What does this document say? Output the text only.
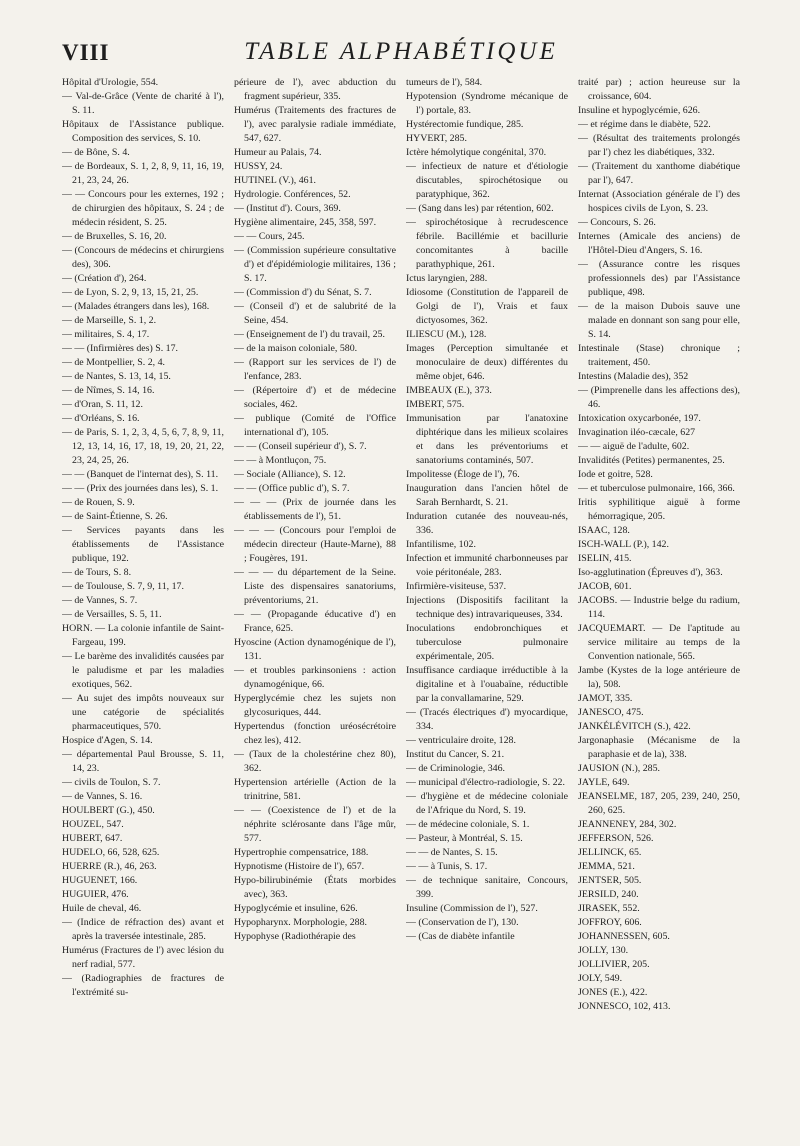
VIII	TABLE ALPHABÉTIQUE

Hôpital d'Urologie, 554.

— Val-de-Grâce (Vente de charité à l'), S. 11.

Hôpitaux de l'Assistance publique. Composition des services, S. 10.

— de Bône, S. 4.

— de Bordeaux, S. 1, 2, 8, 9, 11, 16, 19, 21, 23, 24, 26.

— — Concours pour les externes, 192 ; de chirurgien des hôpitaux, S. 24 ; de médecin résident, S. 25.

— de Bruxelles, S. 16, 20.

— (Concours de médecins et chirurgiens des), 306.

— (Création d'), 264.

— de Lyon, S. 2, 9, 13, 15, 21, 25.

— (Malades étrangers dans les), 168.

— de Marseille, S. 1, 2.

— militaires, S. 4, 17.

— — (Infirmières des) S. 17.

— de Montpellier, S. 2, 4.

— de Nantes, S. 13, 14, 15.

— de Nîmes, S. 14, 16.

— d'Oran, S. 11, 12.

— d'Orléans, S. 16.

— de Paris, S. 1, 2, 3, 4, 5, 6, 7, 8, 9, 11, 12, 13, 14, 16, 17, 18, 19, 20, 21, 22, 23, 24, 25, 26.

— — (Banquet de l'internat des), S. 11.

— — (Prix des journées dans les), S. 1.

— de Rouen, S. 9.

— de Saint-Étienne, S. 26.

— Services payants dans les établissements de l'Assistance publique, 192.

— de Tours, S. 8.

— de Toulouse, S. 7, 9, 11, 17.

— de Vannes, S. 7.

— de Versailles, S. 5, 11.

HORN. — La colonie infantile de Saint-Fargeau, 199.

— Le barème des invalidités causées par le paludisme et par les maladies exotiques, 562.

— Au sujet des impôts nouveaux sur une catégorie de spécialités pharmaceutiques, 570.

Hospice d'Agen, S. 14.

— départemental Paul Brousse, S. 11, 14, 23.

— civils de Toulon, S. 7.

— de Vannes, S. 16.

HOULBERT (G.), 450.

HOUZEL, 547.

HUBERT, 647.

HUDELO, 66, 528, 625.

HUERRE (R.), 46, 263.

HUGUENET, 166.

HUGUIER, 476.

Huile de cheval, 46.

— (Indice de réfraction des) avant et après la traversée intestinale, 285.

Humérus (Fractures de l') avec lésion du nerf radial, 577.

— (Radiographies de fractures de l'extrémité su-

périeure de l'), avec abduction du fragment supérieur, 335.

Humérus (Traitements des fractures de l'), avec paralysie radiale immédiate, 547, 627.

Humeur au Palais, 74.

HUSSY, 24.

HUTINEL (V.), 461.

Hydrologie. Conférences, 52.

— (Institut d'). Cours, 369.

Hygiène alimentaire, 245, 358, 597.

— — Cours, 245.

— (Commission supérieure consultative d') et d'épidémiologie militaires, 136 ; S. 17.

— (Commission d') du Sénat, S. 7.

— (Conseil d') et de salubrité de la Seine, 454.

— (Enseignement de l') du travail, 25.

— de la maison coloniale, 580.

— (Rapport sur les services de l') de l'enfance, 283.

— (Répertoire d') et de médecine sociales, 462.

— publique (Comité de l'Office international d'), 105.

— — (Conseil supérieur d'), S. 7.

— — à Montluçon, 75.

— Sociale (Alliance), S. 12.

— — (Office public d'), S. 7.

— — — (Prix de journée dans les établissements de l'), 51.

— — — (Concours pour l'emploi de médecin directeur (Haute-Marne), 88 ; Fougères, 191.

— — — du département de la Seine. Liste des dispensaires sanatoriums, préventoriums, 21.

— — (Propagande éducative d') en France, 625.

Hyoscine (Action dynamogénique de l'), 131.

— et troubles parkinsoniens : action dynamogénique, 66.

Hyperglycémie chez les sujets non glycosuriques, 444.

Hypertendus (fonction uréosécrétoire chez les), 412.

— (Taux de la cholestérine chez 80), 362.

Hypertension artérielle (Action de la trinitrine, 581.

— — (Coexistence de l') et de la néphrite sclérosante dans l'âge mûr, 577.

Hypertrophie compensatrice, 188.

Hypnotisme (Histoire de l'), 657.

Hypo-bilirubinémie (États morbides avec), 363.

Hypoglycémie et insuline, 626.

Hypopharynx. Morphologie, 288.

Hypophyse (Radiothérapie des

tumeurs de l'), 584.

Hypotension (Syndrome mécanique de l') portale, 83.

Hystérectomie fundique, 285.

HYVERT, 285.

Ictère hémolytique congénital, 370.

— infectieux de nature et d'étiologie discutables, spirochétosique ou paratyphique, 362.

— (Sang dans les) par rétention, 602.

— spirochétosique à recrudescence fébrile. Bacillémie et bacillurie concomitantes à bacille parathyphique, 261.

Ictus laryngien, 288.

Idiosome (Constitution de l'appareil de Golgi de l'), Vrais et faux dictyosomes, 362.

ILIESCU (M.), 128.

Images (Perception simultanée et monoculaire de deux) différentes du même objet, 646.

IMBEAUX (E.), 373.

IMBERT, 575.

Immunisation par l'anatoxine diphtérique dans les milieux scolaires et dans les préventoriums et sanatoriums contaminés, 507.

Impolitesse (Éloge de l'), 76.

Inauguration dans l'ancien hôtel de Sarah Bernhardt, S. 21.

Induration cutanée des nouveau-nés, 336.

Infantilisme, 102.

Infection et immunité charbonneuses par voie péritonéale, 283.

Infirmière-visiteuse, 537.

Injections (Dispositifs facilitant la technique des) intravariqueuses, 334.

Inoculations endobronchiques et tuberculose pulmonaire expérimentale, 205.

Insuffisance cardiaque irréductible à la digitaline et à l'ouabaïne, réductible par la convallamarine, 529.

— (Tracés électriques d') myocardique, 334.

— ventriculaire droite, 128.

Institut du Cancer, S. 21.

— de Criminologie, 346.

— municipal d'électro-radiologie, S. 22.

— d'hygiène et de médecine coloniale de l'Afrique du Nord, S. 19.

— de médecine coloniale, S. 1.

— Pasteur, à Montréal, S. 15.

— — de Nantes, S. 15.

— — à Tunis, S. 17.

— de technique sanitaire, Concours, 399.

Insuline (Commission de l'), 527.

— (Conservation de l'), 130.

— (Cas de diabète infantile

traité par) ; action heureuse sur la croissance, 604.

Insuline et hypoglycémie, 626.

— et régime dans le diabète, 522.

— (Résultat des traitements prolongés par l') chez les diabétiques, 332.

— (Traitement du xanthome diabétique par l'), 647.

Internat (Association générale de l') des hospices civils de Lyon, S. 23.

— Concours, S. 26.

Internes (Amicale des anciens) de l'Hôtel-Dieu d'Angers, S. 16.

— (Assurance contre les risques professionnels des) par l'Assistance publique, 498.

— de la maison Dubois sauve une malade en donnant son sang pour elle, S. 14.

Intestinale (Stase) chronique ; traitement, 450.

Intestins (Maladie des), 352

— (Pimprenelle dans les affections des), 46.

Intoxication oxycarbonée, 197.

Invagination iléo-cæcale, 627

— — aiguë de l'adulte, 602.

Invalidités (Petites) permanentes, 25.

Iode et goitre, 528.

— et tuberculose pulmonaire, 166, 366.

Iritis syphilitique aiguë à forme hémorragique, 205.

ISAAC, 128.

ISCH-WALL (P.), 142.

ISELIN, 415.

Iso-agglutination (Épreuves d'), 363.

JACOB, 601.

JACOBS. — Industrie belge du radium, 114.

JACQUEMART. — De l'aptitude au service militaire au temps de la Convention nationale, 565.

Jambe (Kystes de la loge antérieure de la), 508.

JAMOT, 335.

JANESCO, 475.

JANKÉLÉVITCH (S.), 422.

Jargonaphasie (Mécanisme de la paraphasie et de la), 338.

JAUSION (N.), 285.

JAYLE, 649.

JEANSELME, 187, 205, 239, 240, 250, 260, 625.

JEANNENEY, 284, 302.

JEFFERSON, 526.

JELLINCK, 65.

JEMMA, 521.

JENTSER, 505.

JERSILD, 240.

JIRASEK, 552.

JOFFROY, 606.

JOHANNESSEN, 605.

JOLLY, 130.

JOLLIVIER, 205.

JOLY, 549.

JONES (E.), 422.

JONNESCO, 102, 413.
